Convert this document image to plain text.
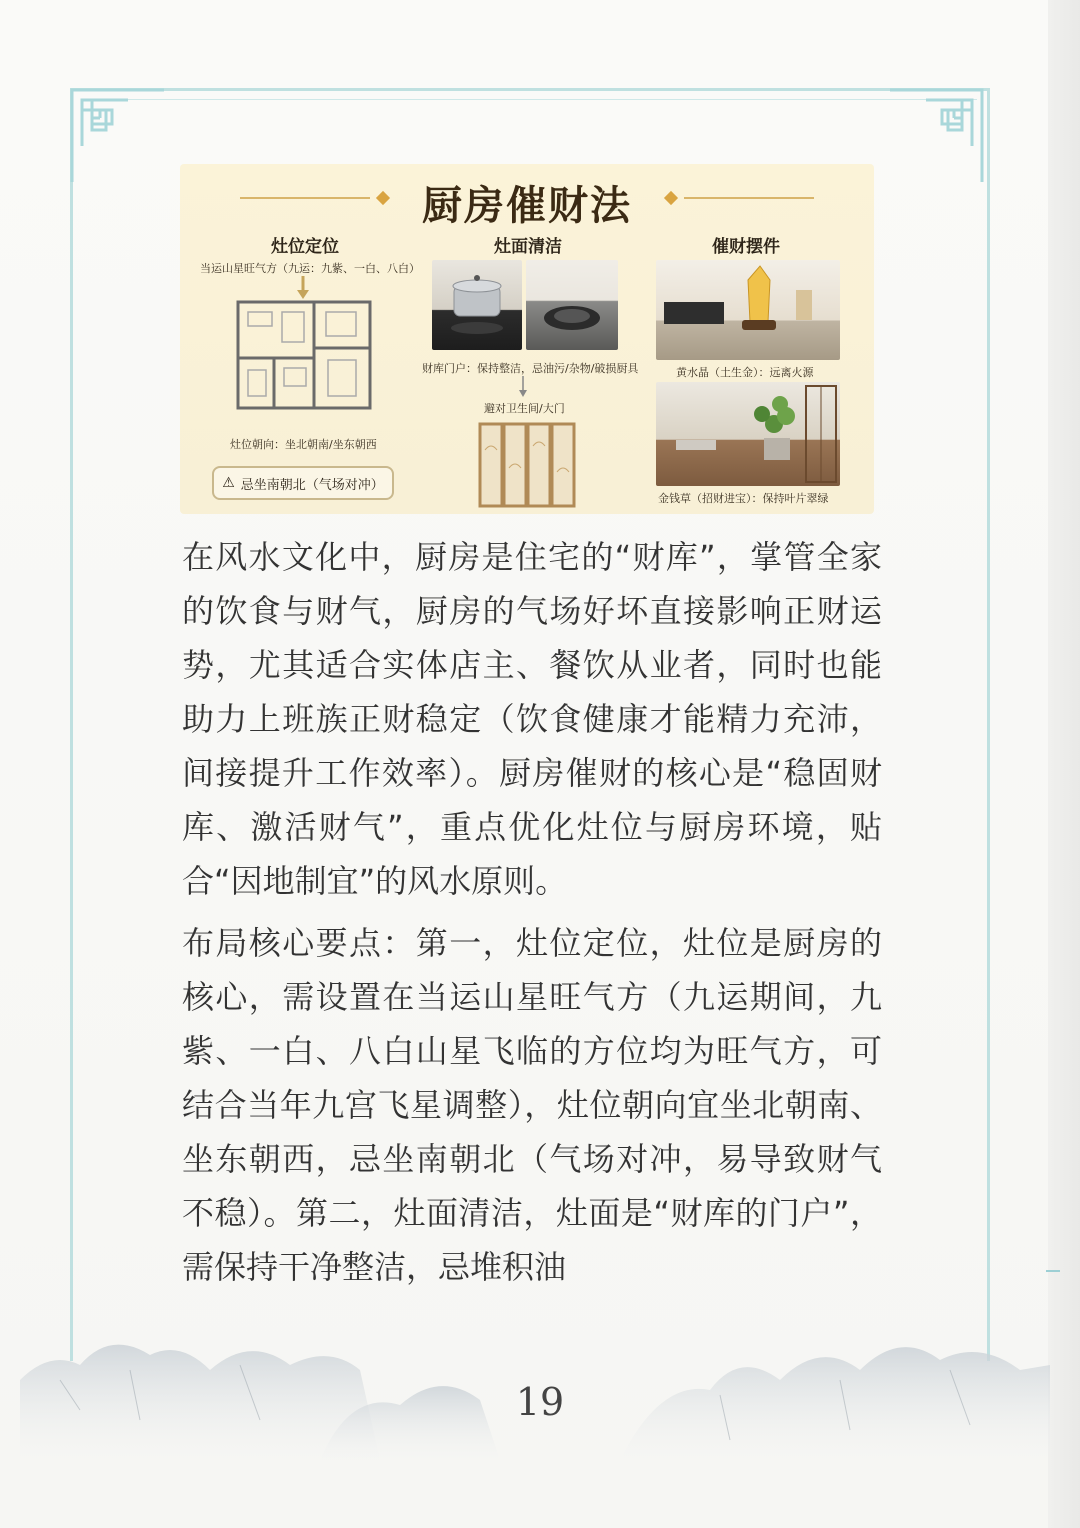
厨房催财法
灶位定位
当运山星旺气方（九运：九紫、一白、八白）
灶位朝向：坐北朝南/坐东朝西
⚠ 忌坐南朝北（气场对冲）
灶面清洁
财库门户：保持整洁，忌油污/杂物/破损厨具
避对卫生间/大门
催财摆件
黄水晶（土生金）：远离火源
金钱草（招财进宝）：保持叶片翠绿

在风水文化中，厨房是住宅的“财库”，掌管全家的饮食与财气，厨房的气场好坏直接影响正财运势，尤其适合实体店主、餐饮从业者，同时也能助力上班族正财稳定（饮食健康才能精力充沛，间接提升工作效率）。厨房催财的核心是“稳固财库、激活财气”，重点优化灶位与厨房环境，贴合“因地制宜”的风水原则。

布局核心要点：第一，灶位定位，灶位是厨房的核心，需设置在当运山星旺气方（九运期间，九紫、一白、八白山星飞临的方位均为旺气方，可结合当年九宫飞星调整），灶位朝向宜坐北朝南、坐东朝西，忌坐南朝北（气场对冲，易导致财气不稳）。第二，灶面清洁，灶面是“财库的门户”，需保持干净整洁，忌堆积油

19
